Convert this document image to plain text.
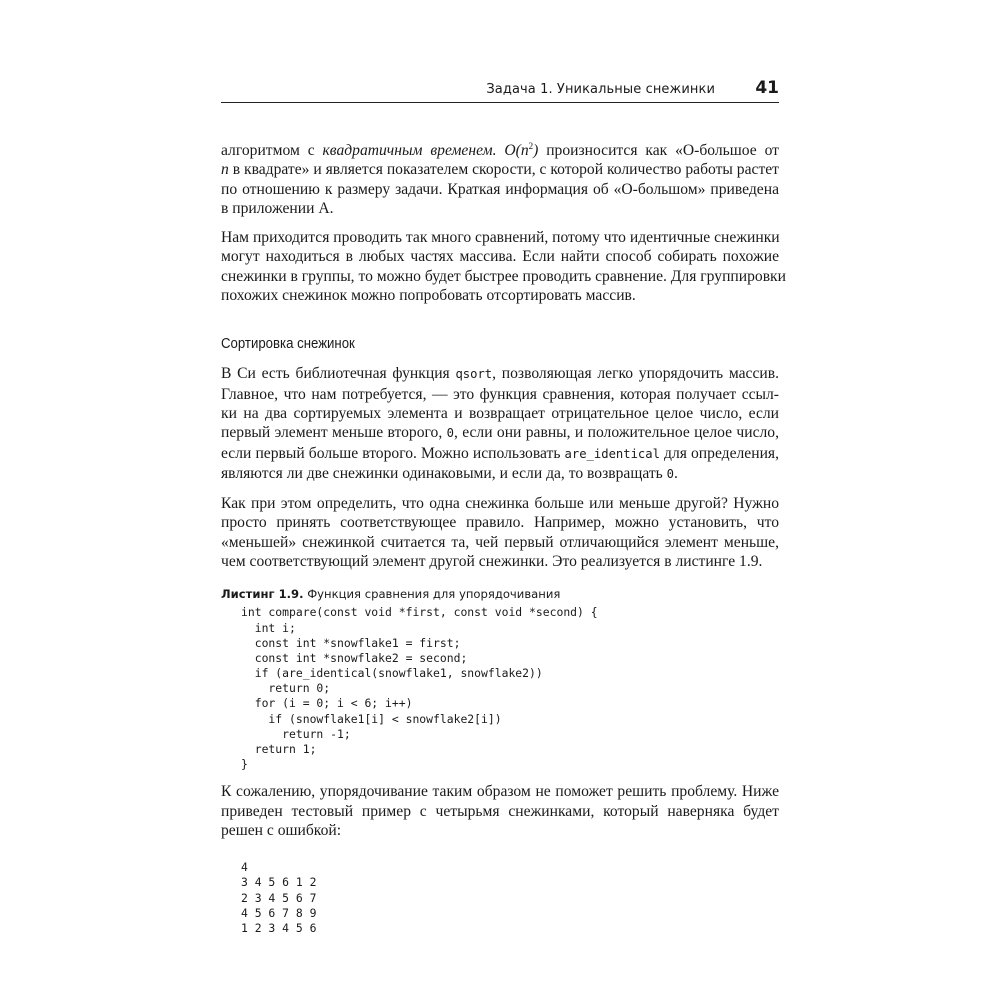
Задача 1. Уникальные снежинки 41

алгоритмом с квадратичным временем. $O(n^2)$ произносится как «О-большое от
n в квадрате» и является показателем скорости, с которой количество работы растет
по отношению к размеру задачи. Краткая информация об «О-большом» приведена
в приложении A.

Нам приходится проводить так много сравнений, потому что идентичные снежинки
могут находиться в любых частях массива. Если найти способ собирать похожие
снежинки в группы, то можно будет быстрее проводить сравнение. Для группировки
похожих снежинок можно попробовать отсортировать массив.

Сортировка снежинок

В Си есть библиотечная функция qsort, позволяющая легко упорядочить массив.
Главное, что нам потребуется, — это функция сравнения, которая получает ссыл-
ки на два сортируемых элемента и возвращает отрицательное целое число, если
первый элемент меньше второго, 0, если они равны, и положительное целое число,
если первый больше второго. Можно использовать are_identical для определения,
являются ли две снежинки одинаковыми, и если да, то возвращать 0.

Как при этом определить, что одна снежинка больше или меньше другой? Нужно
просто принять соответствующее правило. Например, можно установить, что
«меньшей» снежинкой считается та, чей первый отличающийся элемент меньше,
чем соответствующий элемент другой снежинки. Это реализуется в листинге 1.9.

Листинг 1.9. Функция сравнения для упорядочивания
int compare(const void *first, const void *second) {
int i;
const int *snowflake1 = first;
const int *snowflake2 = second;
if (are_identical(snowflake1, snowflake2))
return 0;
for (i = 0; i < 6; i++)
if (snowflake1[i] < snowflake2[i])
return -1;
return 1;
}

К сожалению, упорядочивание таким образом не поможет решить проблему. Ниже
приведен тестовый пример с четырьмя снежинками, который наверняка будет
решен с ошибкой:

4
3 4 5 6 1 2
2 3 4 5 6 7
4 5 6 7 8 9
1 2 3 4 5 6
